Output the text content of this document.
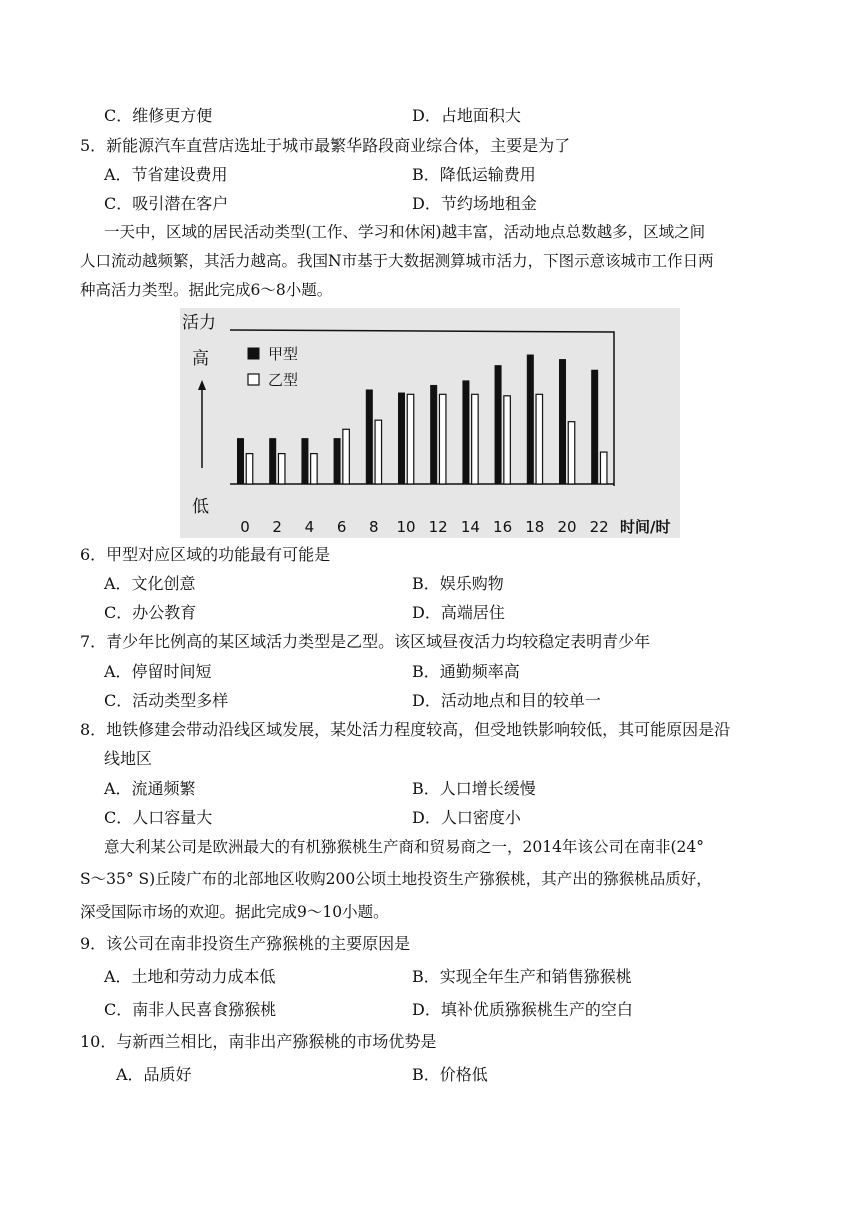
C．维修更方便	D．占地面积大
5．新能源汽车直营店选址于城市最繁华路段商业综合体，主要是为了
A．节省建设费用	B．降低运输费用
C．吸引潜在客户	D．节约场地租金
一天中，区域的居民活动类型(工作、学习和休闲)越丰富，活动地点总数越多，区域之间
人口流动越频繁，其活力越高。我国N市基于大数据测算城市活力，下图示意该城市工作日两
种高活力类型。据此完成6～8小题。
活力
高
低
甲型
乙型
0 2 4 6 8 10 12 14 16 18 20 22 时间/时
6．甲型对应区域的功能最有可能是
A．文化创意	B．娱乐购物
C．办公教育	D．高端居住
7．青少年比例高的某区域活力类型是乙型。该区域昼夜活力均较稳定表明青少年
A．停留时间短	B．通勤频率高
C．活动类型多样	D．活动地点和目的较单一
8．地铁修建会带动沿线区域发展，某处活力程度较高，但受地铁影响较低，其可能原因是沿
线地区
A．流通频繁	B．人口增长缓慢
C．人口容量大	D．人口密度小
意大利某公司是欧洲最大的有机猕猴桃生产商和贸易商之一，2014年该公司在南非(24°
S～35° S)丘陵广布的北部地区收购200公顷土地投资生产猕猴桃，其产出的猕猴桃品质好，
深受国际市场的欢迎。据此完成9～10小题。
9．该公司在南非投资生产猕猴桃的主要原因是
A．土地和劳动力成本低	B．实现全年生产和销售猕猴桃
C．南非人民喜食猕猴桃	D．填补优质猕猴桃生产的空白
10．与新西兰相比，南非出产猕猴桃的市场优势是
A．品质好	B．价格低
